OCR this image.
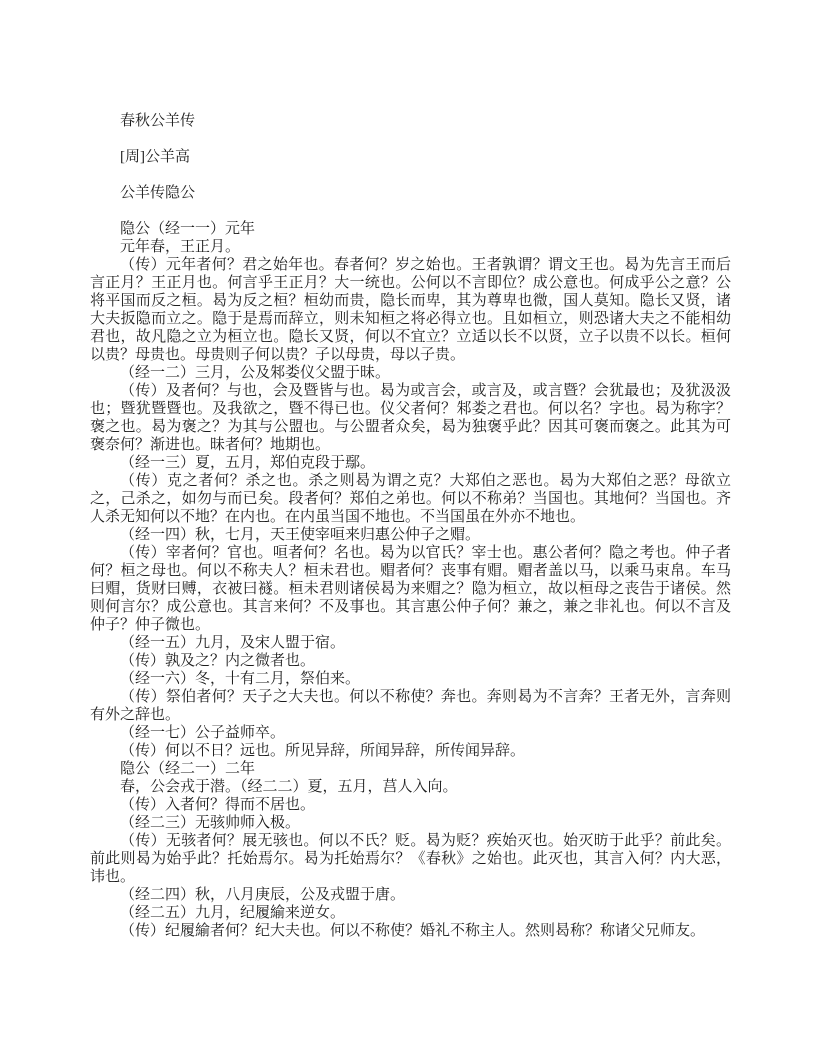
春秋公羊传

[周]公羊高

公羊传隐公

隐公（经一一）元年

元年春，王正月。

（传）元年者何？君之始年也。春者何？岁之始也。王者孰谓？谓文王也。曷为先言王而后言正月？王正月也。何言乎王正月？大一统也。公何以不言即位？成公意也。何成乎公之意？公将平国而反之桓。曷为反之桓？桓幼而贵，隐长而卑，其为尊卑也微，国人莫知。隐长又贤，诸大夫扳隐而立之。隐于是焉而辞立，则未知桓之将必得立也。且如桓立，则恐诸大夫之不能相幼君也，故凡隐之立为桓立也。隐长又贤，何以不宜立？立适以长不以贤，立子以贵不以长。桓何以贵？母贵也。母贵则子何以贵？子以母贵，母以子贵。

（经一二）三月，公及邾娄仪父盟于昧。

（传）及者何？与也，会及暨皆与也。曷为或言会，或言及，或言暨？会犹最也；及犹汲汲也；暨犹暨暨也。及我欲之，暨不得已也。仪父者何？邾娄之君也。何以名？字也。曷为称字？褒之也。曷为褒之？为其与公盟也。与公盟者众矣，曷为独褒乎此？因其可褒而褒之。此其为可褒奈何？渐进也。昧者何？地期也。

（经一三）夏，五月，郑伯克段于鄢。

（传）克之者何？杀之也。杀之则曷为谓之克？大郑伯之恶也。曷为大郑伯之恶？母欲立之，己杀之，如勿与而已矣。段者何？郑伯之弟也。何以不称弟？当国也。其地何？当国也。齐人杀无知何以不地？在内也。在内虽当国不地也。不当国虽在外亦不地也。

（经一四）秋，七月，天王使宰咺来归惠公仲子之赗。

（传）宰者何？官也。咺者何？名也。曷为以官氏？宰士也。惠公者何？隐之考也。仲子者何？桓之母也。何以不称夫人？桓未君也。赗者何？丧事有赗。赗者盖以马，以乘马束帛。车马曰赗，货财曰赙，衣被曰襚。桓未君则诸侯曷为来赗之？隐为桓立，故以桓母之丧告于诸侯。然则何言尔？成公意也。其言来何？不及事也。其言惠公仲子何？兼之，兼之非礼也。何以不言及仲子？仲子微也。

（经一五）九月，及宋人盟于宿。

（传）孰及之？内之微者也。

（经一六）冬，十有二月，祭伯来。

（传）祭伯者何？天子之大夫也。何以不称使？奔也。奔则曷为不言奔？王者无外，言奔则有外之辞也。

（经一七）公子益师卒。

（传）何以不日？远也。所见异辞，所闻异辞，所传闻异辞。

隐公（经二一）二年

春，公会戎于潜。（经二二）夏，五月，莒人入向。

（传）入者何？得而不居也。

（经二三）无骇帅师入极。

（传）无骇者何？展无骇也。何以不氏？贬。曷为贬？疾始灭也。始灭昉于此乎？前此矣。前此则曷为始乎此？托始焉尔。曷为托始焉尔？《春秋》之始也。此灭也，其言入何？内大恶，讳也。

（经二四）秋，八月庚辰，公及戎盟于唐。

（经二五）九月，纪履緰来逆女。

（传）纪履緰者何？纪大夫也。何以不称使？婚礼不称主人。然则曷称？称诸父兄师友。
